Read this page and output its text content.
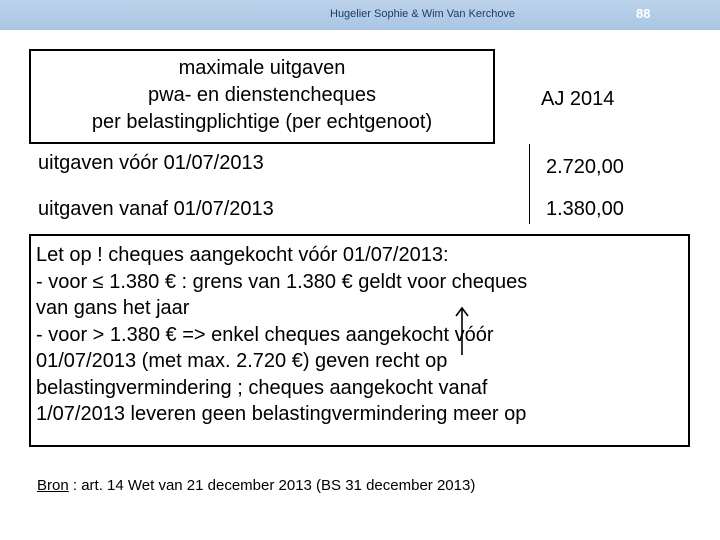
Hugelier Sophie & Wim Van Kerchove	88
maximale uitgaven
pwa- en dienstencheques
per belastingplichtige (per echtgenoot)
AJ 2014
uitgaven vóór 01/07/2013	2.720,00
uitgaven vanaf 01/07/2013	1.380,00
Let op ! cheques aangekocht vóór 01/07/2013:
- voor ≤ 1.380 € : grens van 1.380 € geldt voor cheques
van gans het jaar
- voor > 1.380 € => enkel cheques aangekocht vóór
01/07/2013 (met max. 2.720 €) geven recht op
belastingvermindering ; cheques aangekocht vanaf
1/07/2013 leveren geen belastingvermindering meer op
Bron : art. 14 Wet van 21 december 2013 (BS 31 december 2013)
